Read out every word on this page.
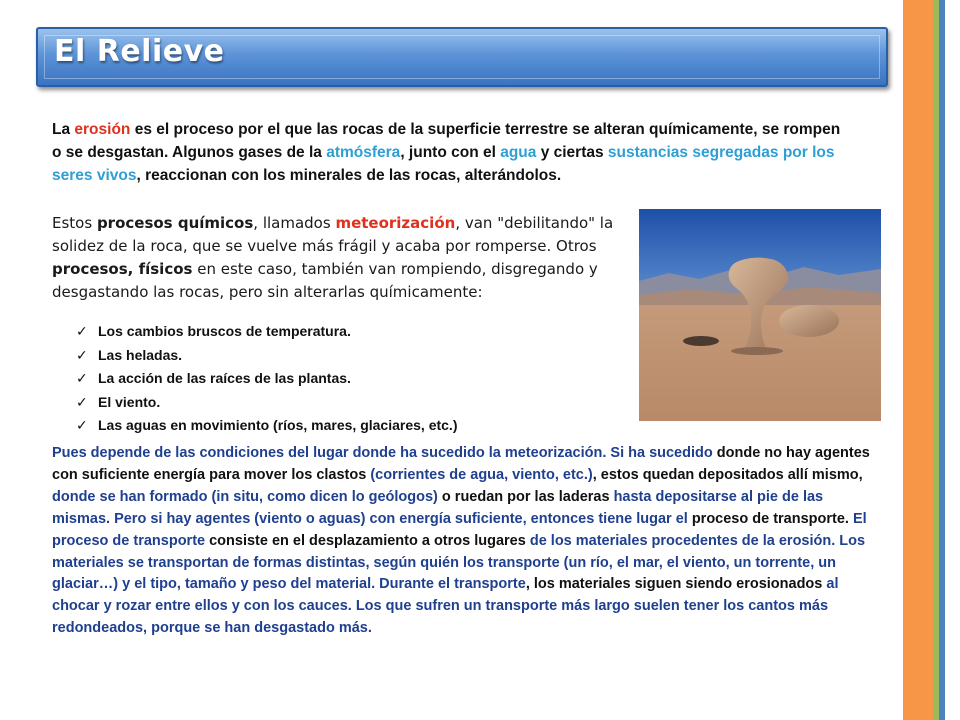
El Relieve
La erosión es el proceso por el que las rocas de la superficie terrestre se alteran químicamente, se rompen o se desgastan. Algunos gases de la atmósfera, junto con el agua y ciertas sustancias segregadas por los seres vivos, reaccionan con los minerales de las rocas, alterándolos.
Estos procesos químicos, llamados meteorización, van "debilitando" la solidez de la roca, que se vuelve más frágil y acaba por romperse. Otros procesos, físicos en este caso, también van rompiendo, disgregando y desgastando las rocas, pero sin alterarlas químicamente:
✓ Los cambios bruscos de temperatura.
✓ Las heladas.
✓ La acción de las raíces de las plantas.
✓ El viento.
✓ Las aguas en movimiento (ríos, mares, glaciares, etc.)
Pues depende de las condiciones del lugar donde ha sucedido la meteorización. Si ha sucedido donde no hay agentes con suficiente energía para mover los clastos (corrientes de agua, viento, etc.), estos quedan depositados allí mismo, donde se han formado (in situ, como dicen lo geólogos) o ruedan por las laderas hasta depositarse al pie de las mismas. Pero si hay agentes (viento o aguas) con energía suficiente, entonces tiene lugar el proceso de transporte. El proceso de transporte consiste en el desplazamiento a otros lugares de los materiales procedentes de la erosión. Los materiales se transportan de formas distintas, según quién los transporte (un río, el mar, el viento, un torrente, un glaciar…) y el tipo, tamaño y peso del material. Durante el transporte, los materiales siguen siendo erosionados al chocar y rozar entre ellos y con los cauces. Los que sufren un transporte más largo suelen tener los cantos más redondeados, porque se han desgastado más.
